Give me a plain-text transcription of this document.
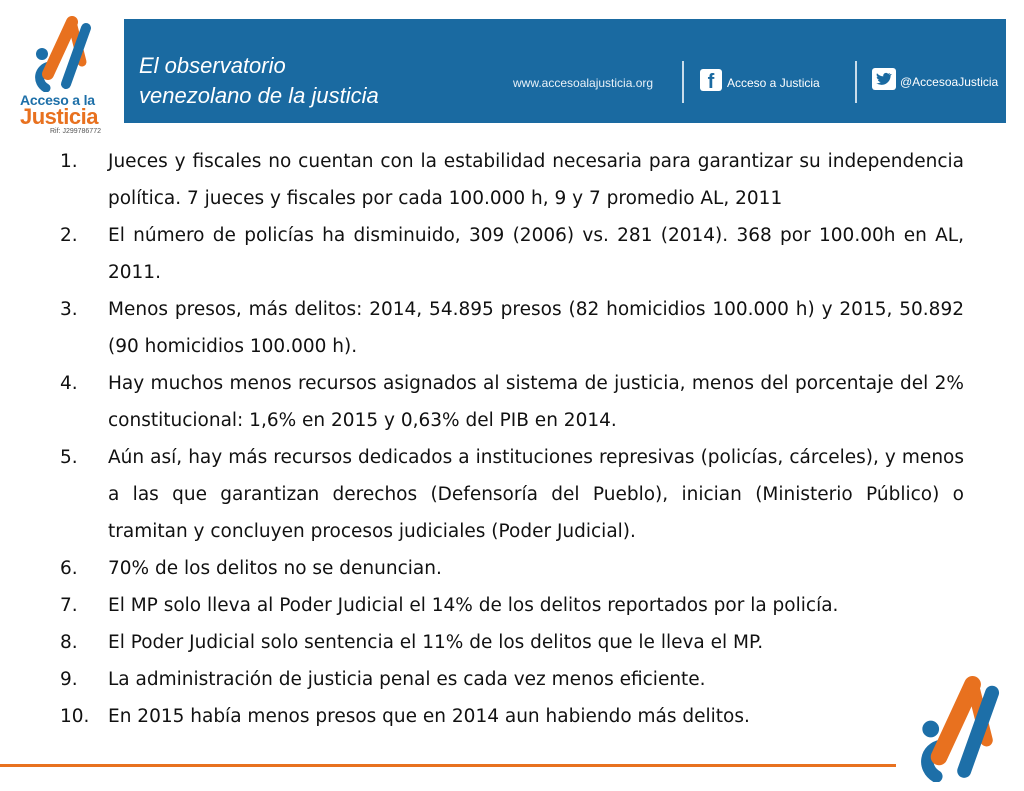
Acceso a la
Justicia
Rif: J299786772
El observatorio
venezolano de la justicia	www.accesoalajusticia.org	f	Acceso a Justicia	@AccesoaJusticia
1.	Jueces y fiscales no cuentan con la estabilidad necesaria para garantizar su independencia política. 7 jueces y fiscales por cada 100.000 h, 9 y 7 promedio AL, 2011
2.	El número de policías ha disminuido, 309 (2006) vs. 281 (2014). 368 por 100.00h en AL, 2011.
3.	Menos presos, más delitos: 2014, 54.895 presos (82 homicidios 100.000 h) y 2015, 50.892 (90 homicidios 100.000 h).
4.	Hay muchos menos recursos asignados al sistema de justicia, menos del porcentaje del 2% constitucional: 1,6% en 2015 y 0,63% del PIB en 2014.
5.	Aún así, hay más recursos dedicados a instituciones represivas (policías, cárceles), y menos a las que garantizan derechos (Defensoría del Pueblo), inician (Ministerio Público) o tramitan y concluyen procesos judiciales (Poder Judicial).
6.	70% de los delitos no se denuncian.
7.	El MP solo lleva al Poder Judicial el 14% de los delitos reportados por la policía.
8.	El Poder Judicial solo sentencia el 11% de los delitos que le lleva el MP.
9.	La administración de justicia penal es cada vez menos eficiente.
10.	En 2015 había menos presos que en 2014 aun habiendo más delitos.
